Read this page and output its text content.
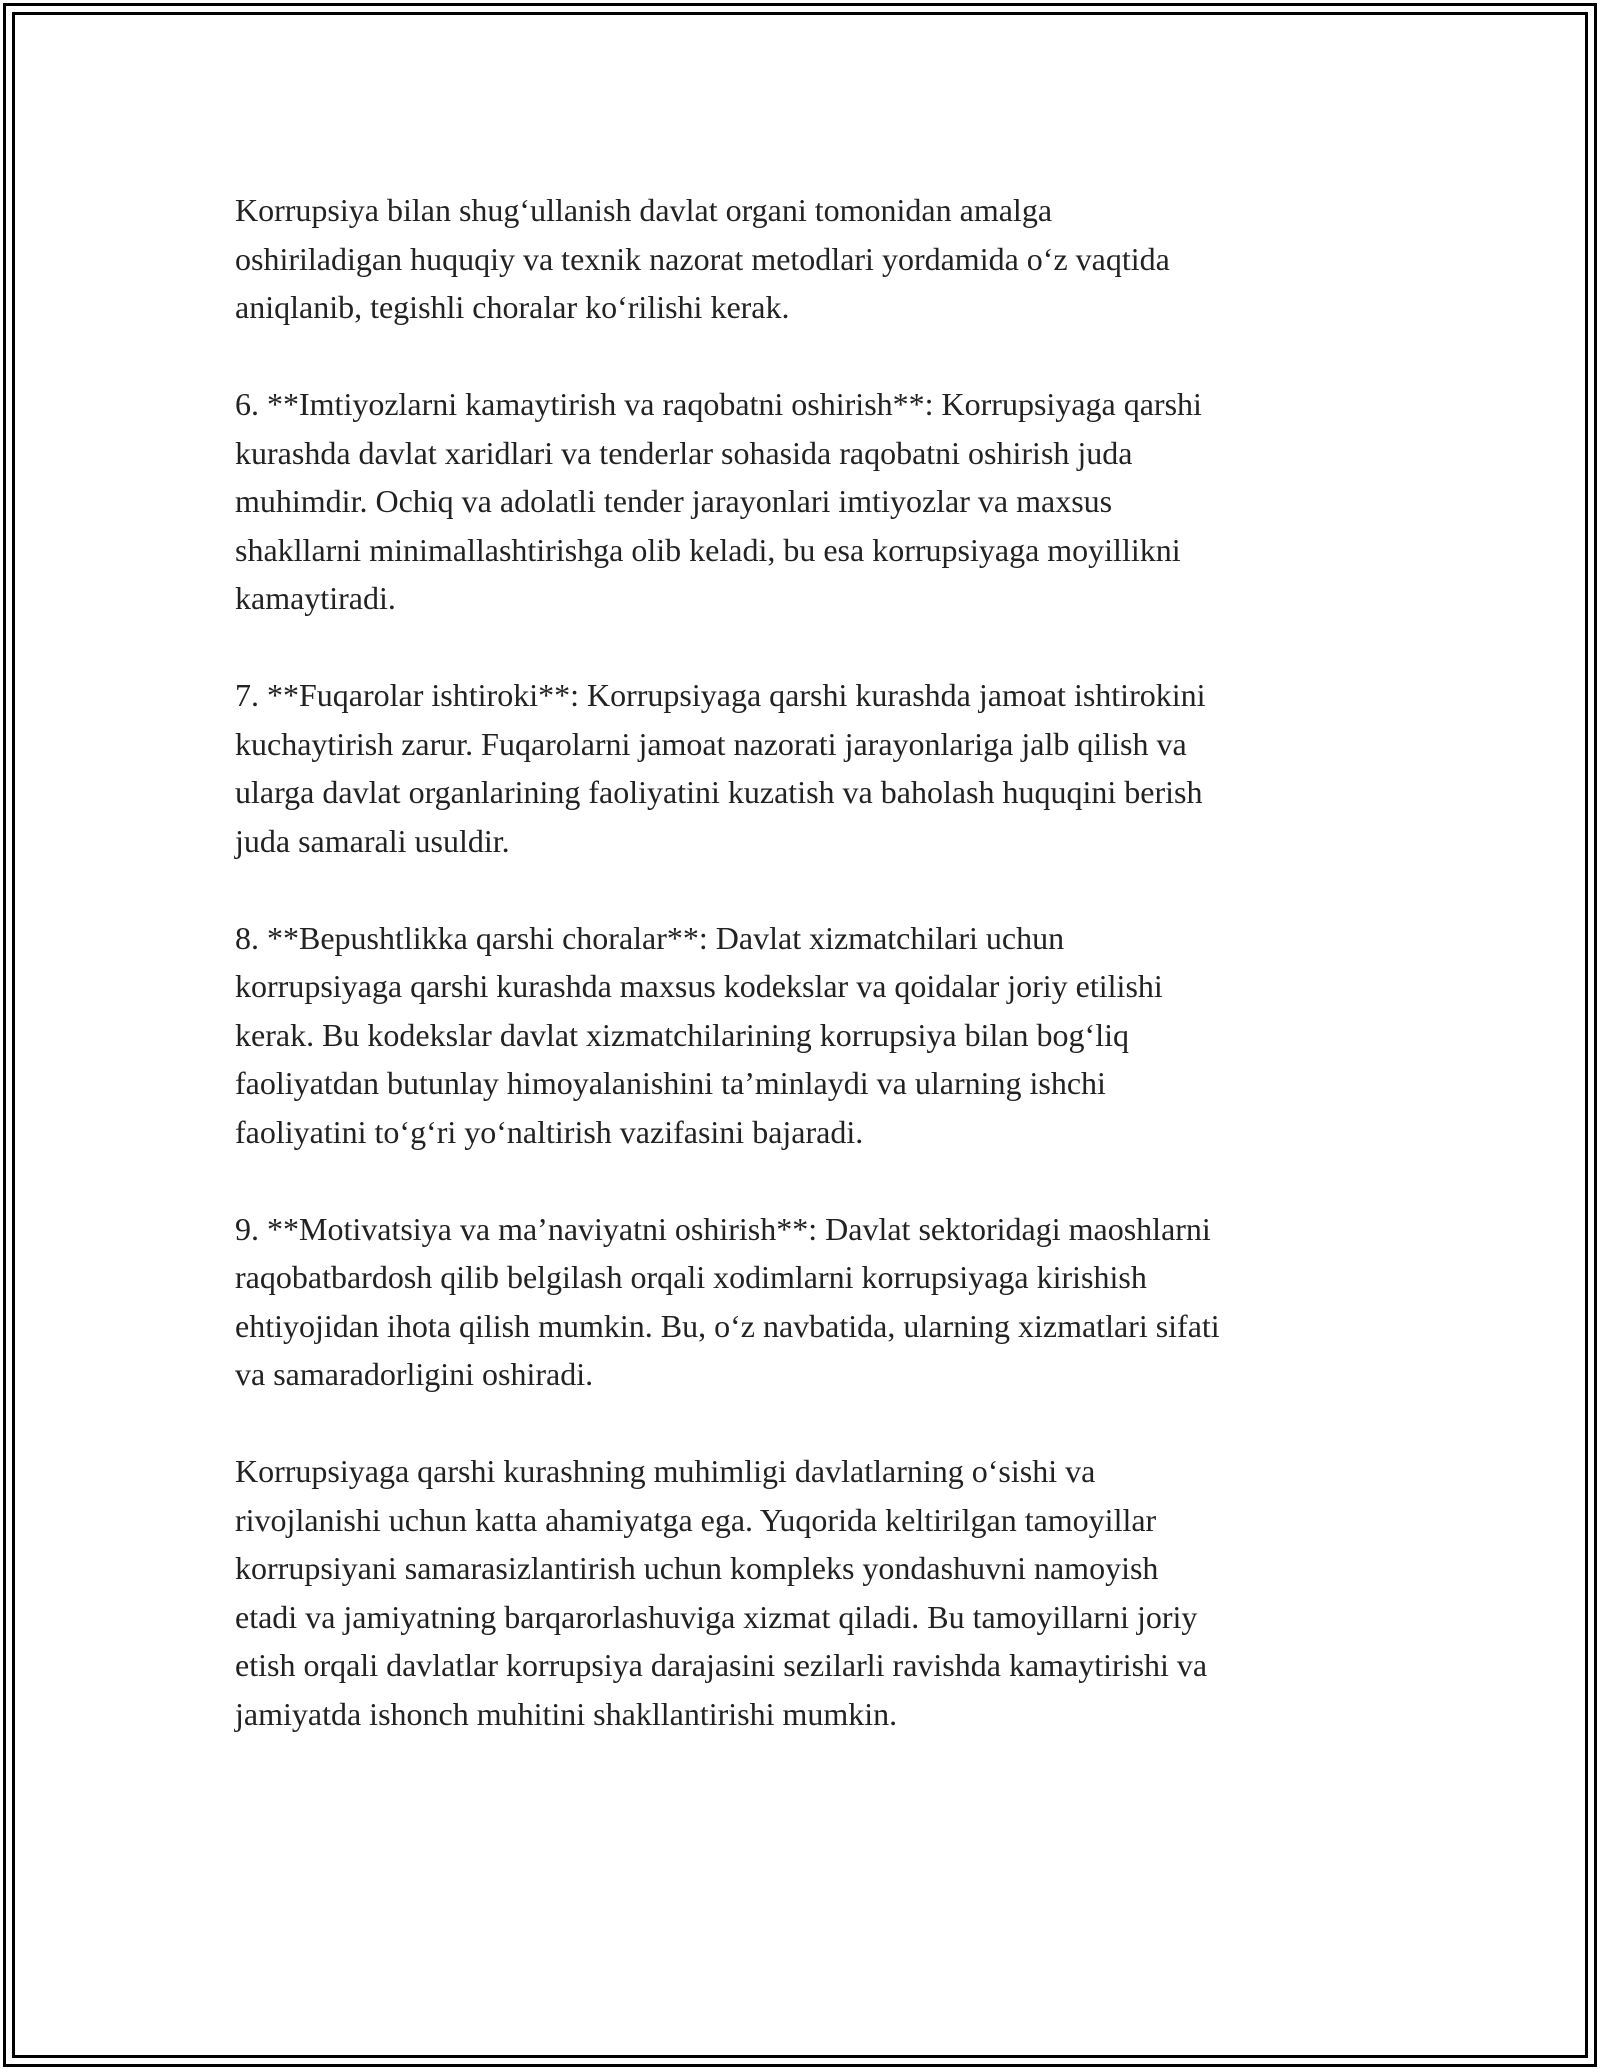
Korrupsiya bilan shug‘ullanish davlat organi tomonidan amalga
oshiriladigan huquqiy va texnik nazorat metodlari yordamida o‘z vaqtida
aniqlanib, tegishli choralar ko‘rilishi kerak.

6. **Imtiyozlarni kamaytirish va raqobatni oshirish**: Korrupsiyaga qarshi
kurashda davlat xaridlari va tenderlar sohasida raqobatni oshirish juda
muhimdir. Ochiq va adolatli tender jarayonlari imtiyozlar va maxsus
shakllarni minimallashtirishga olib keladi, bu esa korrupsiyaga moyillikni
kamaytiradi.

7. **Fuqarolar ishtiroki**: Korrupsiyaga qarshi kurashda jamoat ishtirokini
kuchaytirish zarur. Fuqarolarni jamoat nazorati jarayonlariga jalb qilish va
ularga davlat organlarining faoliyatini kuzatish va baholash huquqini berish
juda samarali usuldir.

8. **Bepushtlikka qarshi choralar**: Davlat xizmatchilari uchun
korrupsiyaga qarshi kurashda maxsus kodekslar va qoidalar joriy etilishi
kerak. Bu kodekslar davlat xizmatchilarining korrupsiya bilan bog‘liq
faoliyatdan butunlay himoyalanishini ta’minlaydi va ularning ishchi
faoliyatini to‘g‘ri yo‘naltirish vazifasini bajaradi.

9. **Motivatsiya va ma’naviyatni oshirish**: Davlat sektoridagi maoshlarni
raqobatbardosh qilib belgilash orqali xodimlarni korrupsiyaga kirishish
ehtiyojidan ihota qilish mumkin. Bu, o‘z navbatida, ularning xizmatlari sifati
va samaradorligini oshiradi.

Korrupsiyaga qarshi kurashning muhimligi davlatlarning o‘sishi va
rivojlanishi uchun katta ahamiyatga ega. Yuqorida keltirilgan tamoyillar
korrupsiyani samarasizlantirish uchun kompleks yondashuvni namoyish
etadi va jamiyatning barqarorlashuviga xizmat qiladi. Bu tamoyillarni joriy
etish orqali davlatlar korrupsiya darajasini sezilarli ravishda kamaytirishi va
jamiyatda ishonch muhitini shakllantirishi mumkin.
